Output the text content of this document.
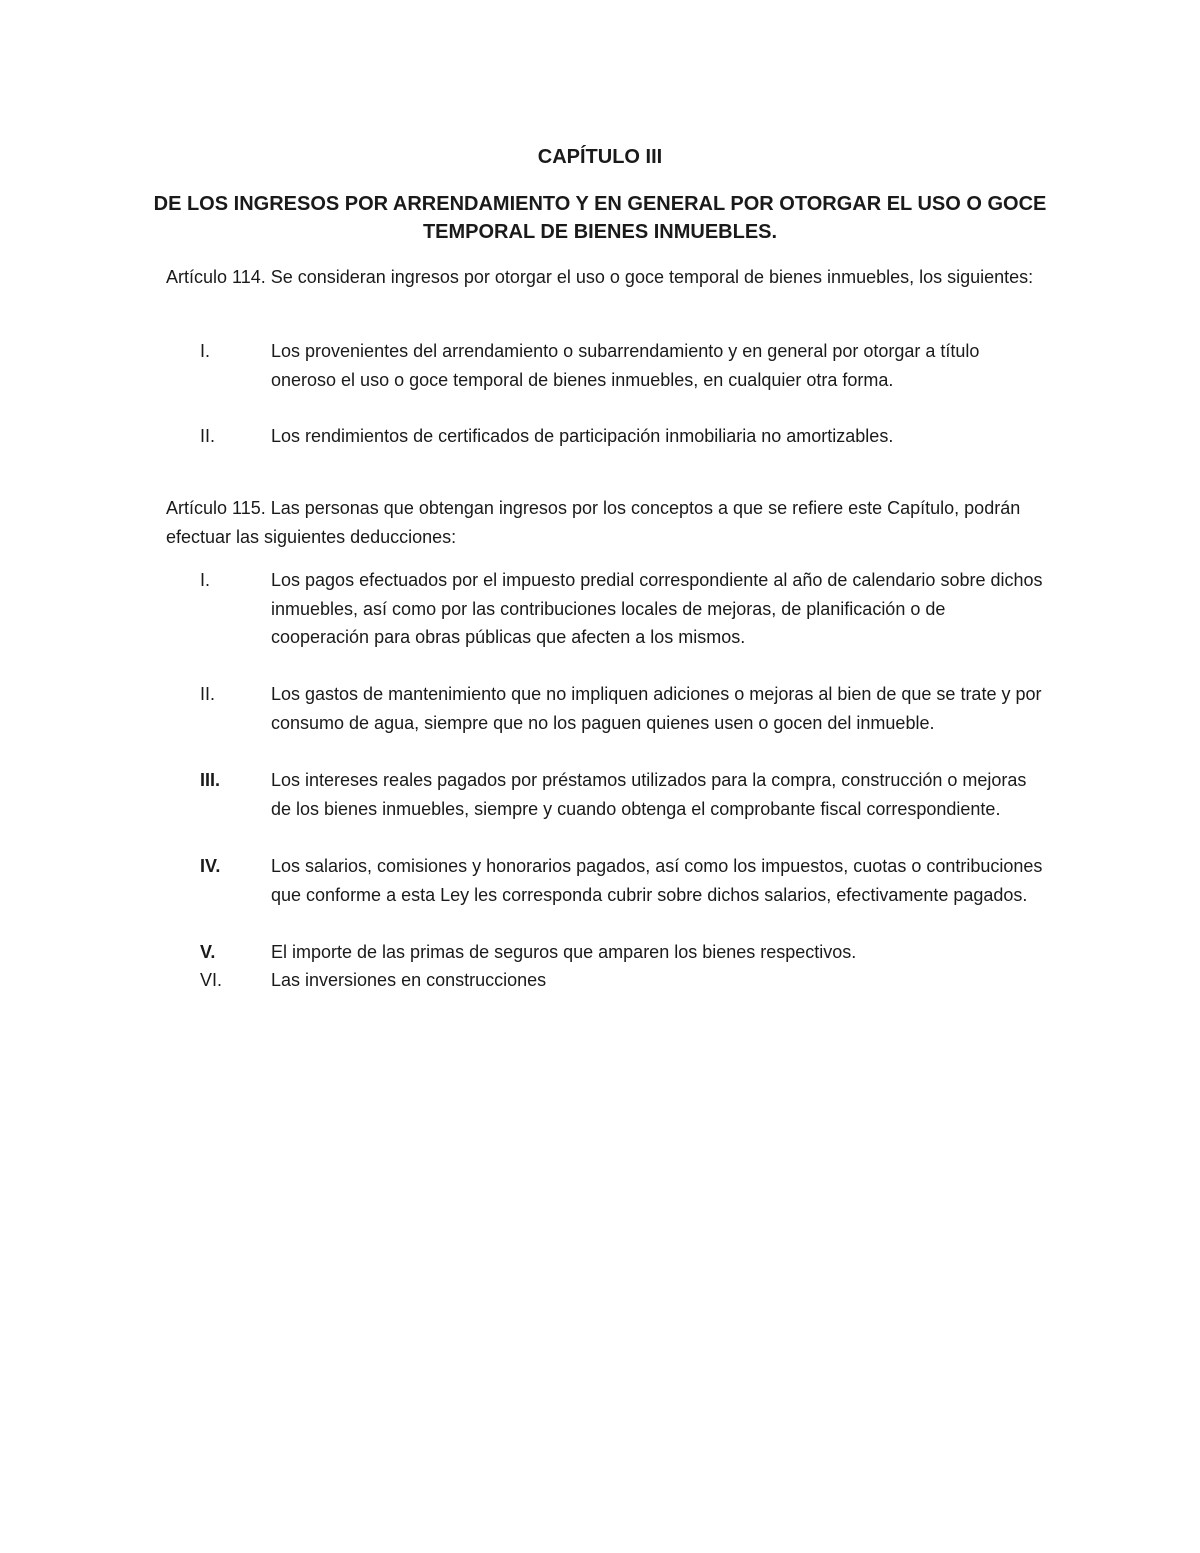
CAPÍTULO III
DE LOS INGRESOS POR ARRENDAMIENTO Y EN GENERAL POR OTORGAR EL USO O GOCE TEMPORAL DE BIENES INMUEBLES.
Artículo 114. Se consideran ingresos por otorgar el uso o goce temporal de bienes inmuebles, los siguientes:
I.	Los provenientes del arrendamiento o subarrendamiento y en general por otorgar a título oneroso el uso o goce temporal de bienes inmuebles, en cualquier otra forma.
II.	Los rendimientos de certificados de participación inmobiliaria no amortizables.
Artículo 115. Las personas que obtengan ingresos por los conceptos a que se refiere este Capítulo, podrán efectuar las siguientes deducciones:
I.	Los pagos efectuados por el impuesto predial correspondiente al año de calendario sobre dichos inmuebles, así como por las contribuciones locales de mejoras, de planificación o de cooperación para obras públicas que afecten a los mismos.
II.	Los gastos de mantenimiento que no impliquen adiciones o mejoras al bien de que se trate y por consumo de agua, siempre que no los paguen quienes usen o gocen del inmueble.
III.	Los intereses reales pagados por préstamos utilizados para la compra, construcción o mejoras de los bienes inmuebles, siempre y cuando obtenga el comprobante fiscal correspondiente.
IV.	Los salarios, comisiones y honorarios pagados, así como los impuestos, cuotas o contribuciones que conforme a esta Ley les corresponda cubrir sobre dichos salarios, efectivamente pagados.
V.	El importe de las primas de seguros que amparen los bienes respectivos.
VI.	Las inversiones en construcciones
